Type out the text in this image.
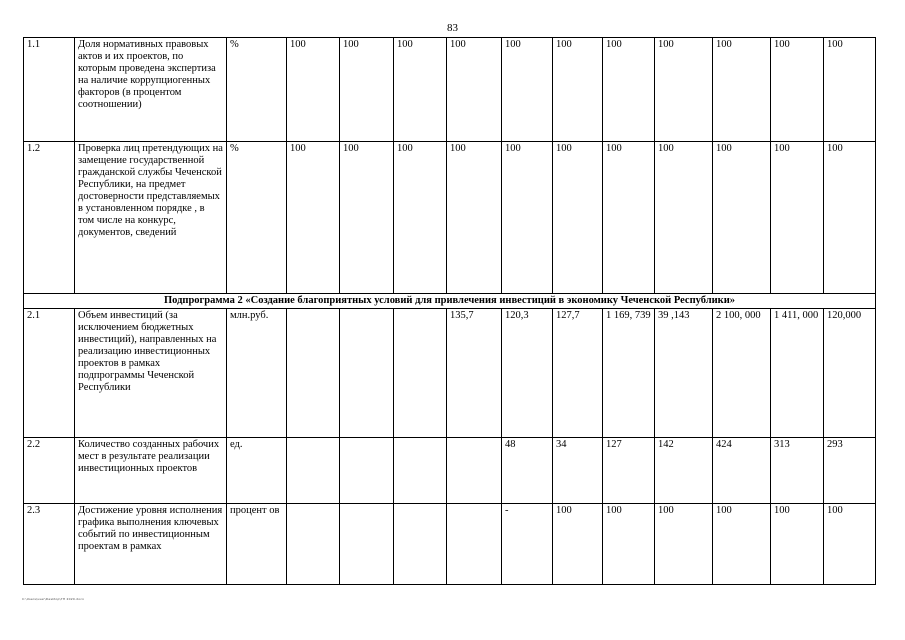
83
1.1	Доля нормативных правовых актов и их проектов, по которым проведена экспертиза на наличие коррупциогенных факторов (в процентом соотношении)	%	100	100	100	100	100	100	100	100	100	100	100
1.2	Проверка лиц претендующих на замещение государственной гражданской службы Чеченской Республики, на предмет достоверности представляемых в установленном порядке , в том числе на конкурс, документов, сведений	%	100	100	100	100	100	100	100	100	100	100	100
Подпрограмма 2 «Создание благоприятных условий для привлечения инвестиций в экономику Чеченской Республики»													
2.1	Объем инвестиций (за исключением бюджетных инвестиций), направленных на реализацию инвестиционных проектов в рамках подпрограммы Чеченской Республики	млн.руб.				135,7	120,3	127,7	1 169, 739	39 ,143	2 100, 000	1 411, 000	120,000
2.2	Количество созданных рабочих мест в результате реализации инвестиционных проектов	ед.					48	34	127	142	424	313	293
2.3	Достижение уровня исполнения графика выполнения ключевых событий по инвестиционным проектам в рамках	процент ов					-	100	100	100	100	100	100
C:\Users\user\Desktop\ГП 2020.docx
